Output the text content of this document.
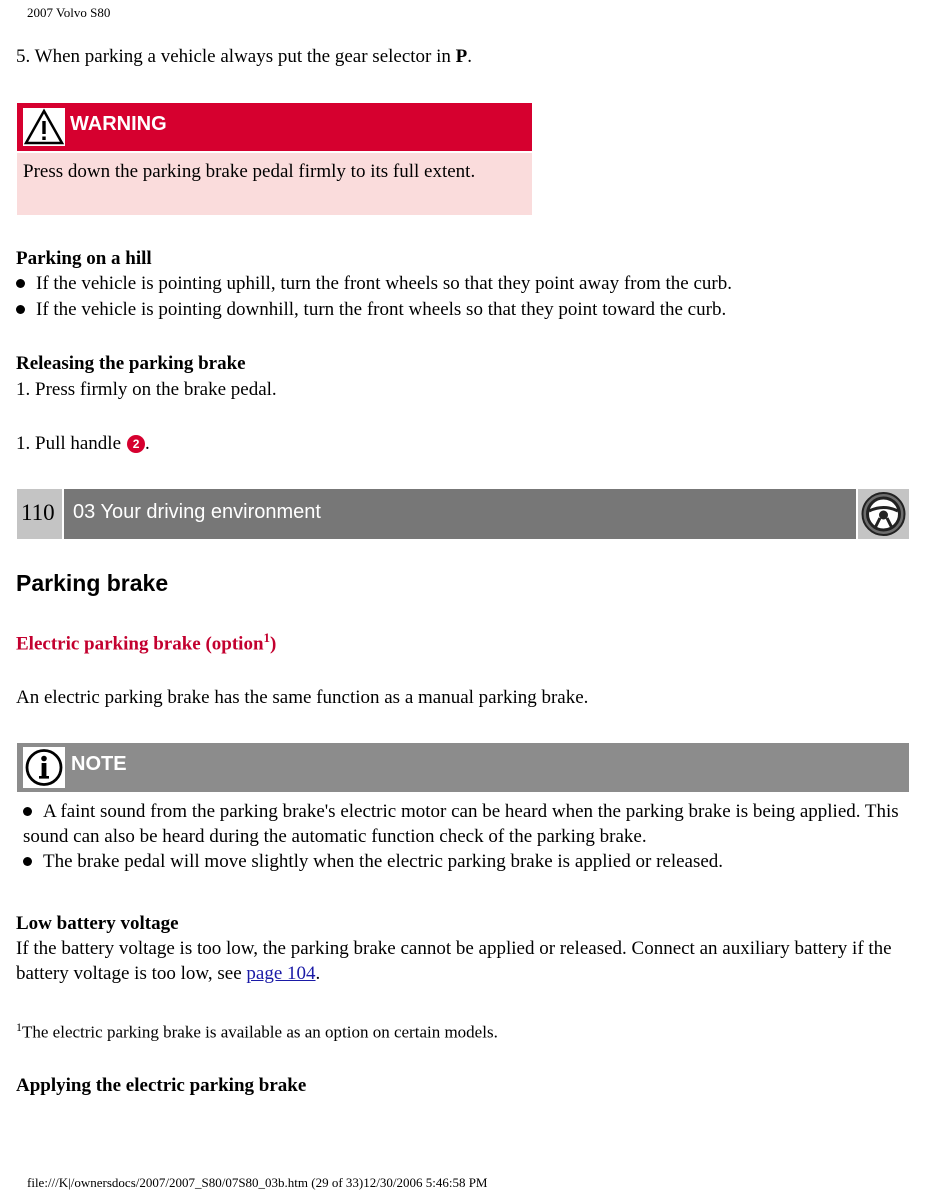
2007 Volvo S80
5. When parking a vehicle always put the gear selector in P.
WARNING
Press down the parking brake pedal firmly to its full extent.
Parking on a hill
If the vehicle is pointing uphill, turn the front wheels so that they point away from the curb.
If the vehicle is pointing downhill, turn the front wheels so that they point toward the curb.
Releasing the parking brake
1. Press firmly on the brake pedal.
1. Pull handle 2 .
110 03 Your driving environment
Parking brake
Electric parking brake (option$^1$)
An electric parking brake has the same function as a manual parking brake.
NOTE

A faint sound from the parking brake's electric motor can be heard when the parking brake is being applied. This sound can also be heard during the automatic function check of the parking brake.

The brake pedal will move slightly when the electric parking brake is applied or released.

Low battery voltage
If the battery voltage is too low, the parking brake cannot be applied or released. Connect an auxiliary battery if the battery voltage is too low, see page 104.
$^1$The electric parking brake is available as an option on certain models.
Applying the electric parking brake
file:///K|/ownersdocs/2007/2007_S80/07S80_03b.htm (29 of 33)12/30/2006 5:46:58 PM
